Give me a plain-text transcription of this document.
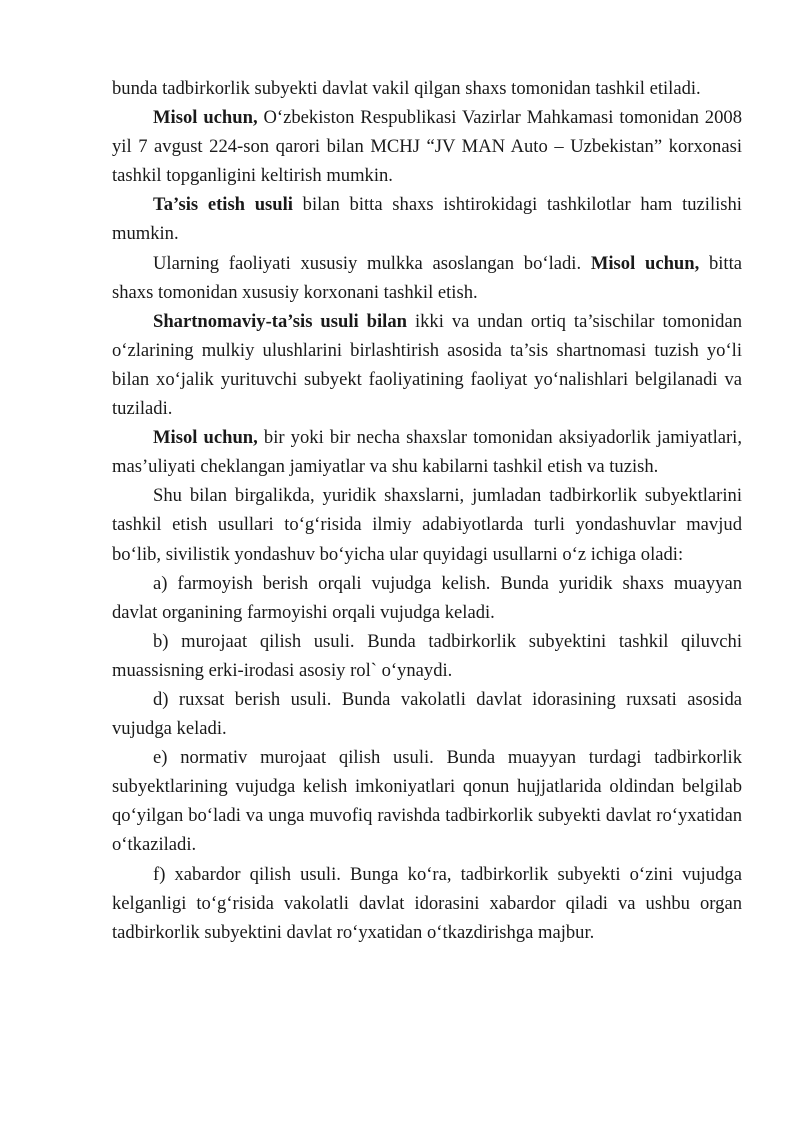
bunda tadbirkorlik subyekti davlat vakil qilgan shaxs tomonidan tashkil etiladi.

Misol uchun, O‘zbekiston Respublikasi Vazirlar Mahkamasi tomonidan 2008 yil 7 avgust 224-son qarori bilan MCHJ “JV MAN Auto – Uzbekistan” korxonasi tashkil topganligini keltirish mumkin.

Ta’sis etish usuli bilan bitta shaxs ishtirokidagi tashkilotlar ham tuzilishi mumkin.

Ularning faoliyati xususiy mulkka asoslangan bo‘ladi. Misol uchun, bitta shaxs tomonidan xususiy korxonani tashkil etish.

Shartnomaviy-ta’sis usuli bilan ikki va undan ortiq ta’sischilar tomonidan o‘zlarining mulkiy ulushlarini birlashtirish asosida ta’sis shartnomasi tuzish yo‘li bilan xo‘jalik yurituvchi subyekt faoliyatining faoliyat yo‘nalishlari belgilanadi va tuziladi.

Misol uchun, bir yoki bir necha shaxslar tomonidan aksiyadorlik jamiyatlari, mas’uliyati cheklangan jamiyatlar va shu kabilarni tashkil etish va tuzish.

Shu bilan birgalikda, yuridik shaxslarni, jumladan tadbirkorlik subyektlarini tashkil etish usullari to‘g‘risida ilmiy adabiyotlarda turli yondashuvlar mavjud bo‘lib, sivilistik yondashuv bo‘yicha ular quyidagi usullarni o‘z ichiga oladi:

a) farmoyish berish orqali vujudga kelish. Bunda yuridik shaxs muayyan davlat organining farmoyishi orqali vujudga keladi.

b) murojaat qilish usuli. Bunda tadbirkorlik subyektini tashkil qiluvchi muassisning erki-irodasi asosiy rol` o‘ynaydi.

d) ruxsat berish usuli. Bunda vakolatli davlat idorasining ruxsati asosida vujudga keladi.

e) normativ murojaat qilish usuli. Bunda muayyan turdagi tadbirkorlik subyektlarining vujudga kelish imkoniyatlari qonun hujjatlarida oldindan belgilab qo‘yilgan bo‘ladi va unga muvofiq ravishda tadbirkorlik subyekti davlat ro‘yxatidan o‘tkaziladi.

f) xabardor qilish usuli. Bunga ko‘ra, tadbirkorlik subyekti o‘zini vujudga kelganligi to‘g‘risida vakolatli davlat idorasini xabardor qiladi va ushbu organ tadbirkorlik subyektini davlat ro‘yxatidan o‘tkazdirishga majbur.
